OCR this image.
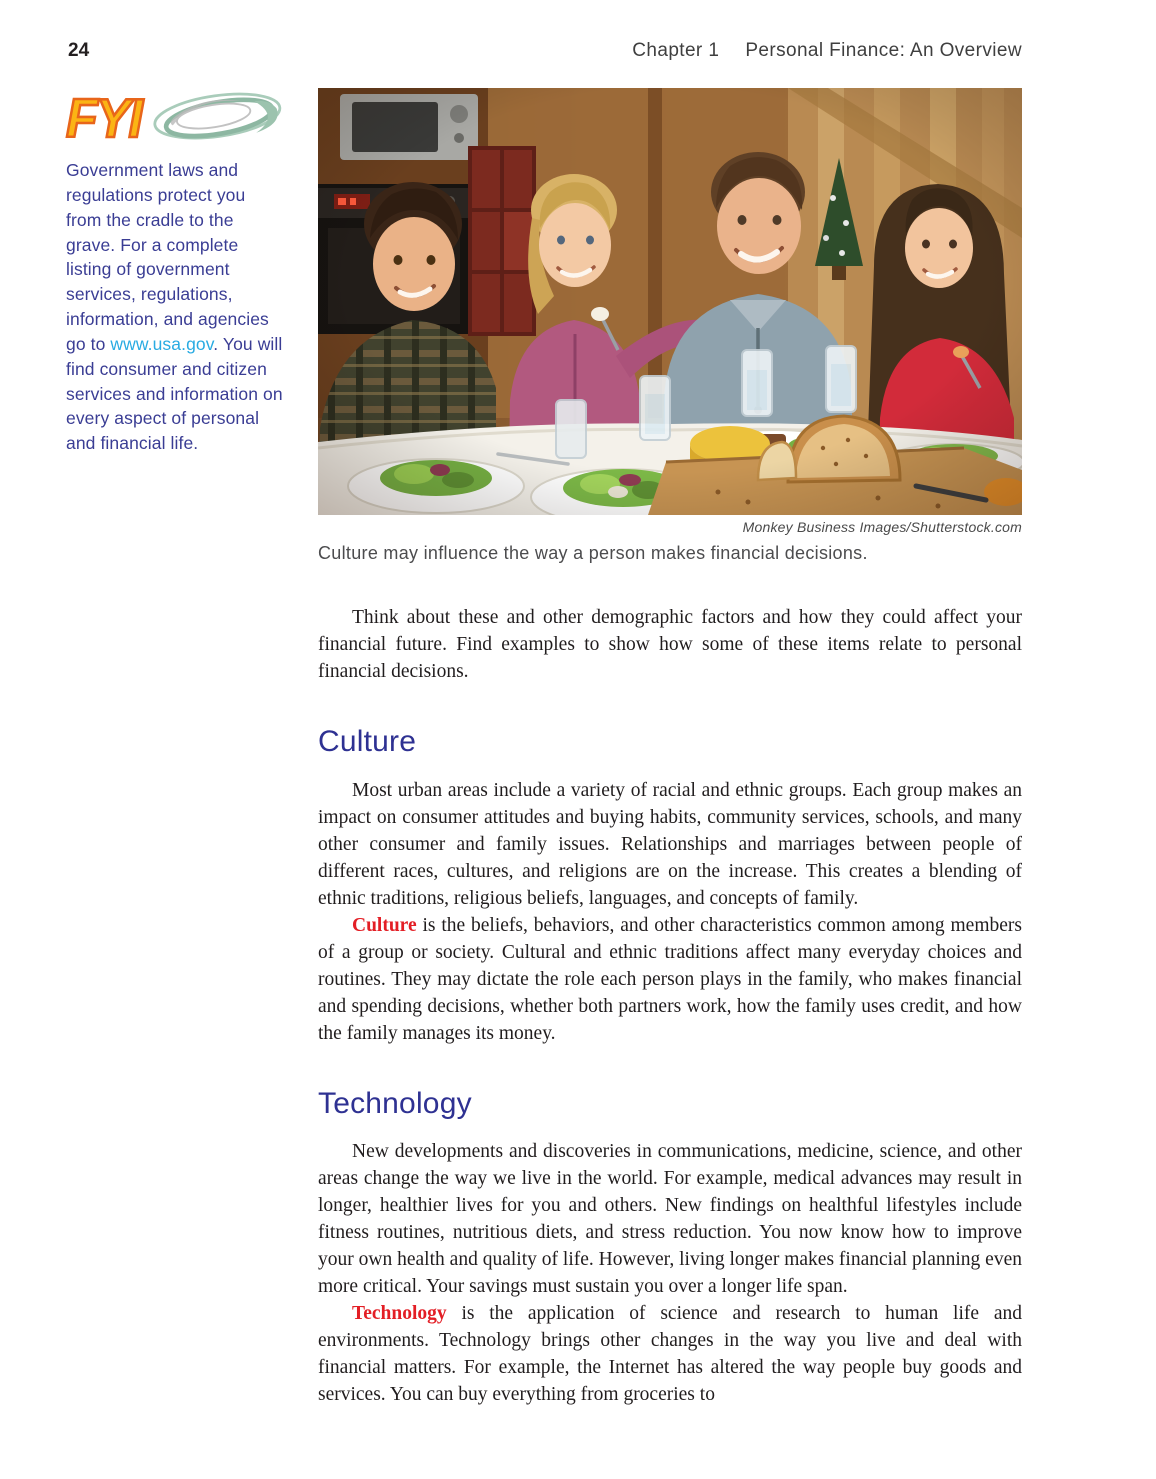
24	Chapter 1 Personal Finance: An Overview
FYI
Government laws and regulations protect you from the cradle to the grave. For a complete listing of government services, regulations, information, and agencies go to www.usa.gov. You will find consumer and citizen services and information on every aspect of personal and financial life.
Monkey Business Images/Shutterstock.com
Culture may influence the way a person makes financial decisions.

Think about these and other demographic factors and how they could affect your financial future. Find examples to show how some of these items relate to personal financial decisions.

Culture

Most urban areas include a variety of racial and ethnic groups. Each group makes an impact on consumer attitudes and buying habits, community services, schools, and many other consumer and family issues. Relationships and marriages between people of different races, cultures, and religions are on the increase. This creates a blending of ethnic traditions, religious beliefs, languages, and concepts of family.

Culture is the beliefs, behaviors, and other characteristics common among members of a group or society. Cultural and ethnic traditions affect many everyday choices and routines. They may dictate the role each person plays in the family, who makes financial and spending decisions, whether both partners work, how the family uses credit, and how the family manages its money.

Technology

New developments and discoveries in communications, medicine, science, and other areas change the way we live in the world. For example, medical advances may result in longer, healthier lives for you and others. New findings on healthful lifestyles include fitness routines, nutritious diets, and stress reduction. You now know how to improve your own health and quality of life. However, living longer makes financial planning even more critical. Your savings must sustain you over a longer life span.

Technology is the application of science and research to human life and environments. Technology brings other changes in the way you live and deal with financial matters. For example, the Internet has altered the way people buy goods and services. You can buy everything from groceries to
